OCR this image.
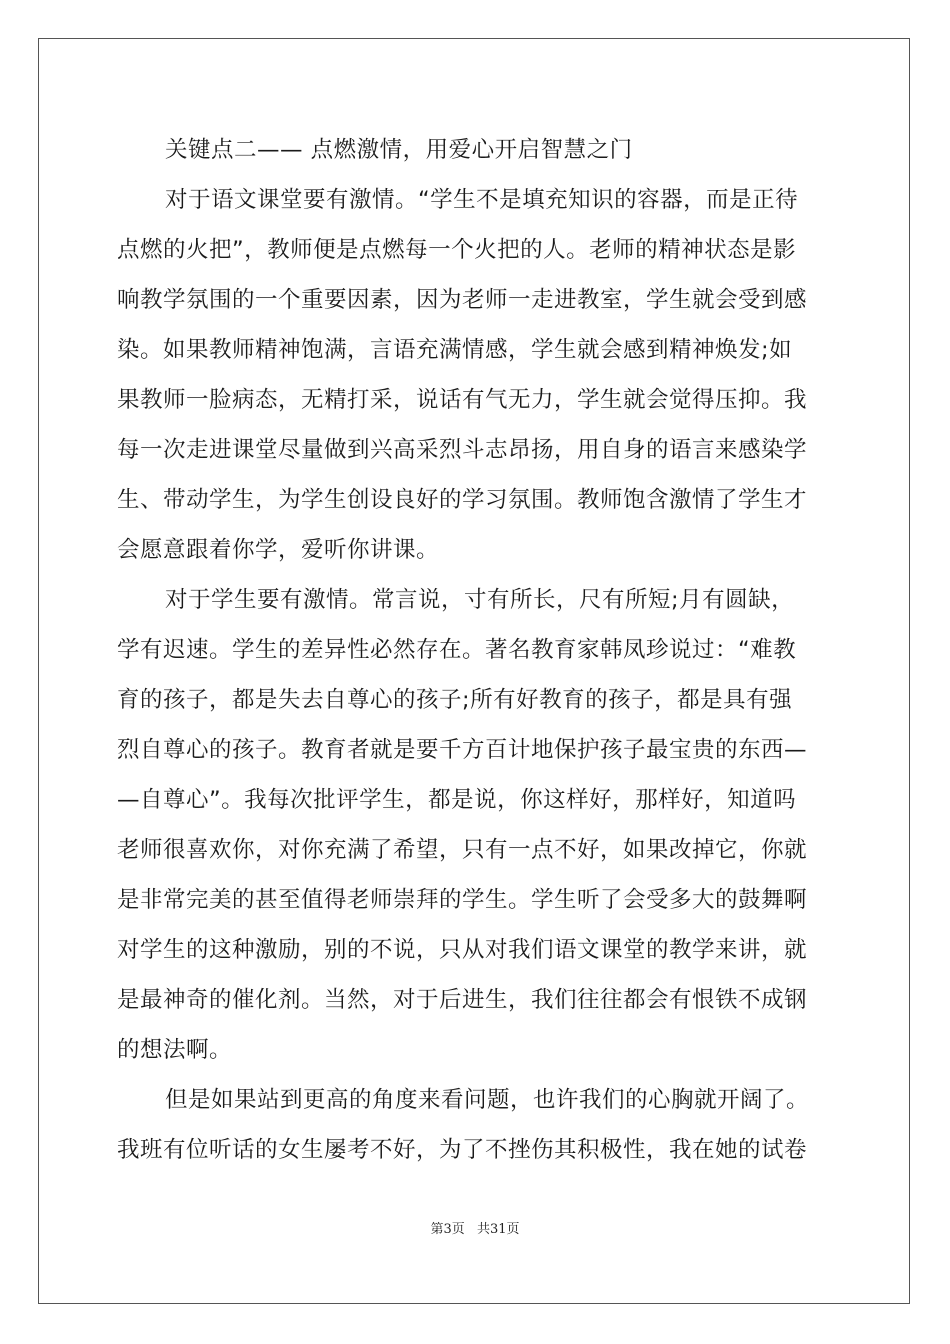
关键点二—— 点燃激情，用爱心开启智慧之门
对于语文课堂要有激情。“学生不是填充知识的容器，而是正待
点燃的火把”，教师便是点燃每一个火把的人。老师的精神状态是影
响教学氛围的一个重要因素，因为老师一走进教室，学生就会受到感
染。如果教师精神饱满，言语充满情感，学生就会感到精神焕发;如
果教师一脸病态，无精打采，说话有气无力，学生就会觉得压抑。我
每一次走进课堂尽量做到兴高采烈斗志昂扬，用自身的语言来感染学
生、带动学生，为学生创设良好的学习氛围。教师饱含激情了学生才
会愿意跟着你学，爱听你讲课。
对于学生要有激情。常言说，寸有所长，尺有所短;月有圆缺，
学有迟速。学生的差异性必然存在。著名教育家韩凤珍说过：“难教
育的孩子，都是失去自尊心的孩子;所有好教育的孩子，都是具有强
烈自尊心的孩子。教育者就是要千方百计地保护孩子最宝贵的东西—
—自尊心”。我每次批评学生，都是说，你这样好，那样好，知道吗
老师很喜欢你，对你充满了希望，只有一点不好，如果改掉它，你就
是非常完美的甚至值得老师崇拜的学生。学生听了会受多大的鼓舞啊
对学生的这种激励，别的不说，只从对我们语文课堂的教学来讲，就
是最神奇的催化剂。当然，对于后进生，我们往往都会有恨铁不成钢
的想法啊。
但是如果站到更高的角度来看问题，也许我们的心胸就开阔了。
我班有位听话的女生屡考不好，为了不挫伤其积极性，我在她的试卷
第3页 共31页
